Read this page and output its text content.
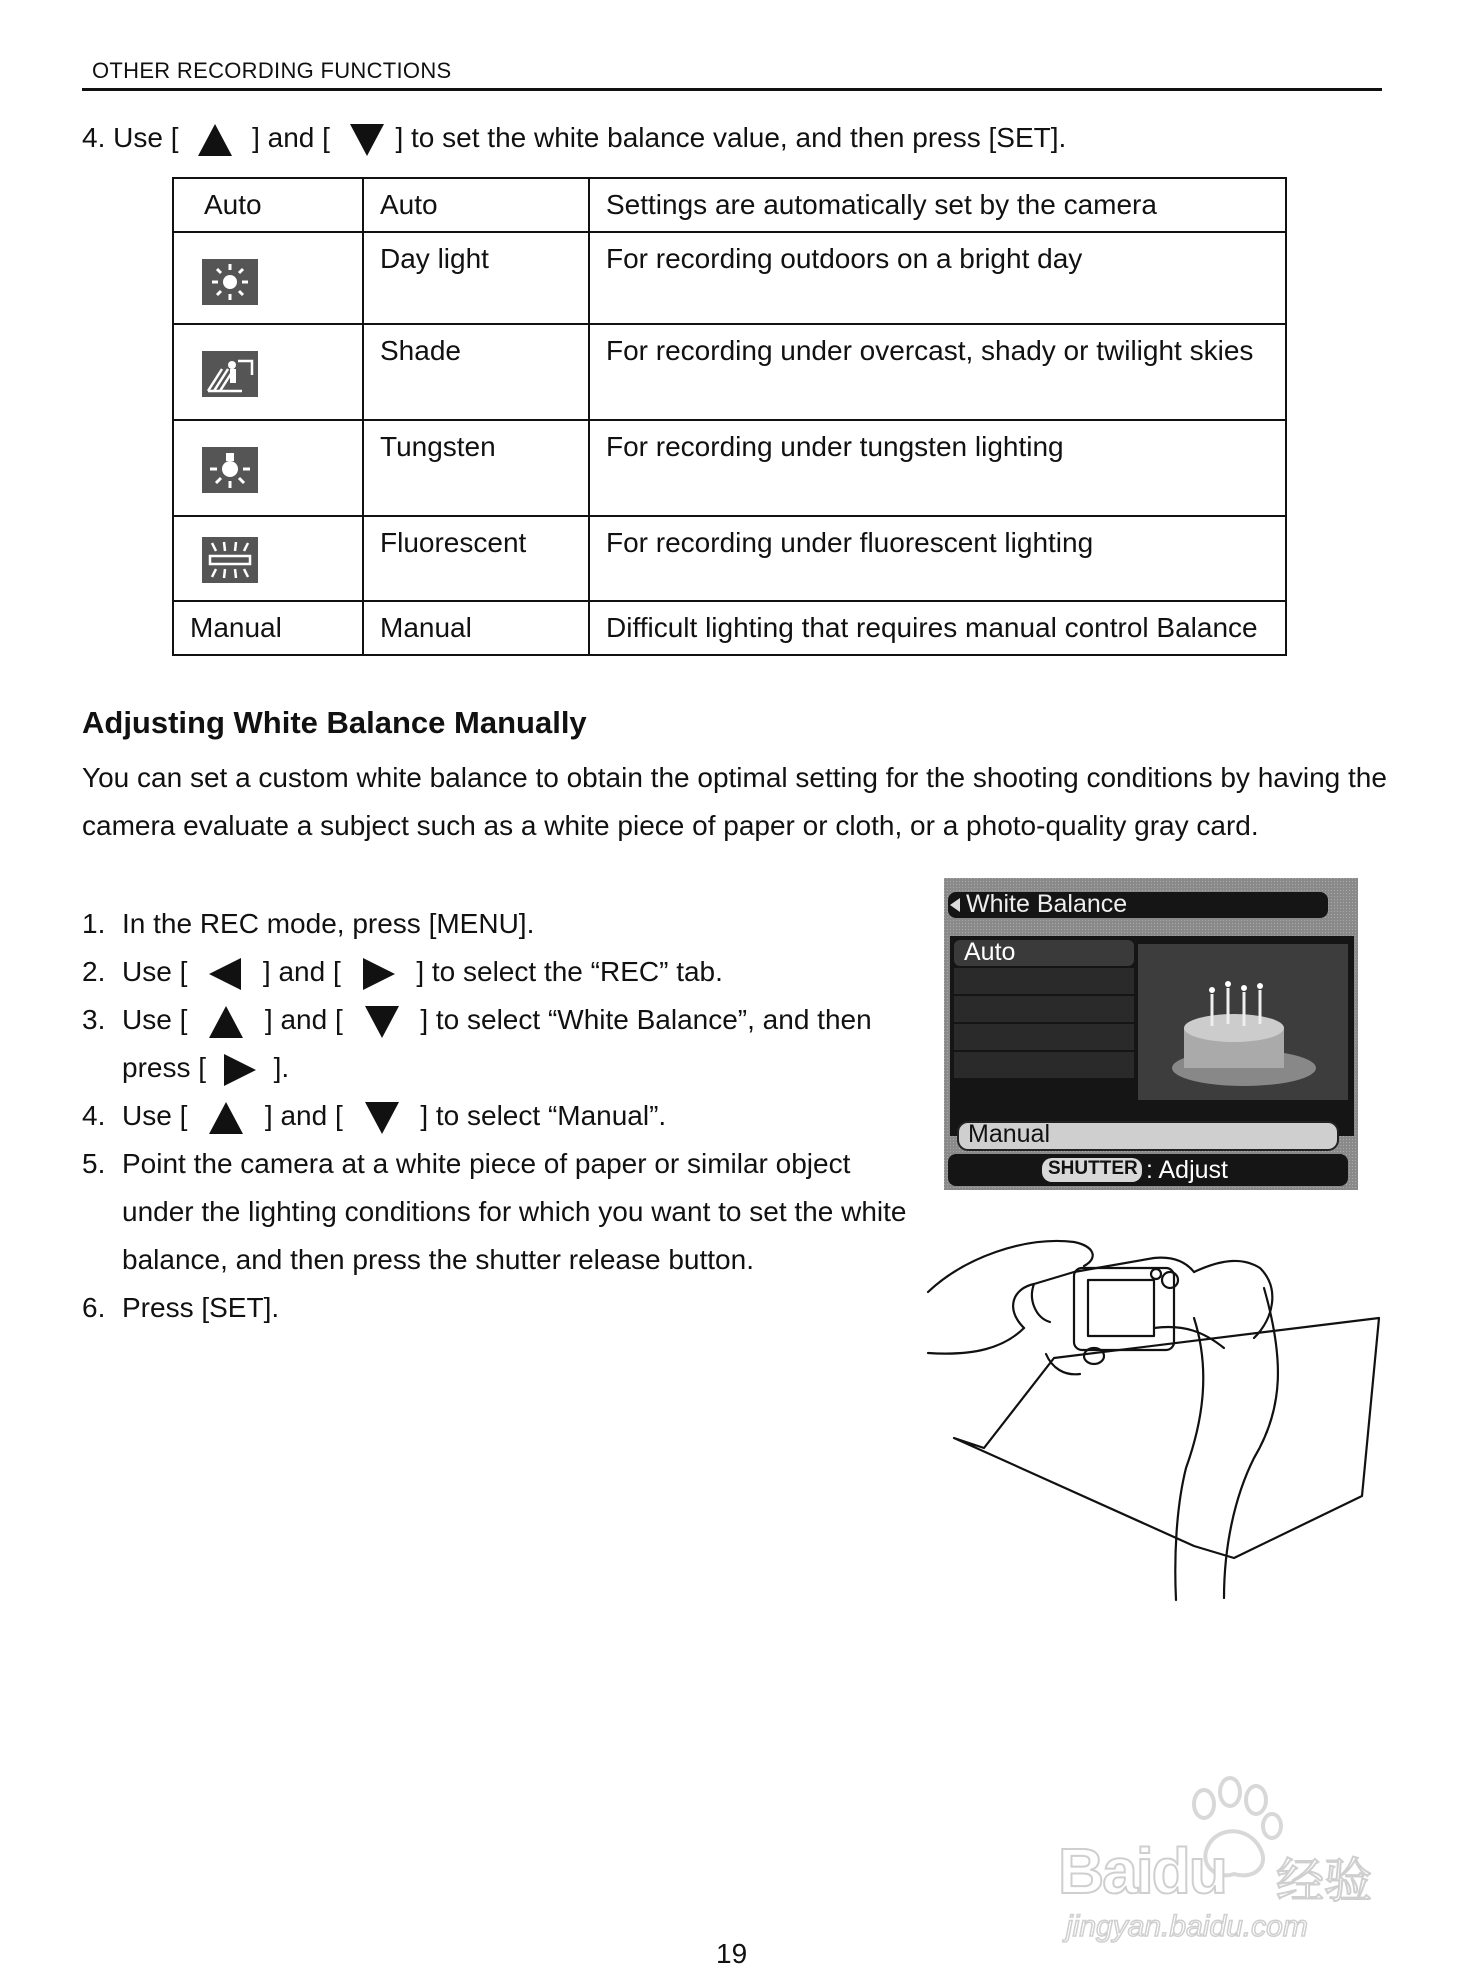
OTHER RECORDING FUNCTIONS
4. Use [	] and [ ] to set the white balance value, and then press [SET].
Auto	Auto	Settings are automatically set by the camera

	Day light	For recording outdoors on a bright day

	Shade	For recording under overcast, shady or twilight skies

	Tungsten	For recording under tungsten lighting

	Fluorescent	For recording under fluorescent lighting
Manual	Manual	Difficult lighting that requires manual control Balance
Adjusting White Balance Manually
You can set a custom white balance to obtain the optimal setting for the shooting conditions by having the camera evaluate a subject such as a white piece of paper or cloth, or a photo-quality gray card.
1. In the REC mode, press [MENU].
2. Use [	] and [	] to select the “REC” tab.
3. Use [	] and [	] to select “White Balance”, and then
press [ ].
4. Use [	] and [	] to select “Manual”.
5. Point the camera at a white piece of paper or similar object
under the lighting conditions for which you want to set the white
balance, and then press the shutter release button.
6. Press [SET].
White Balance
Auto
Manual
SHUTTER : Adjust
19
Baidu 经验
jingyan.baidu.com
